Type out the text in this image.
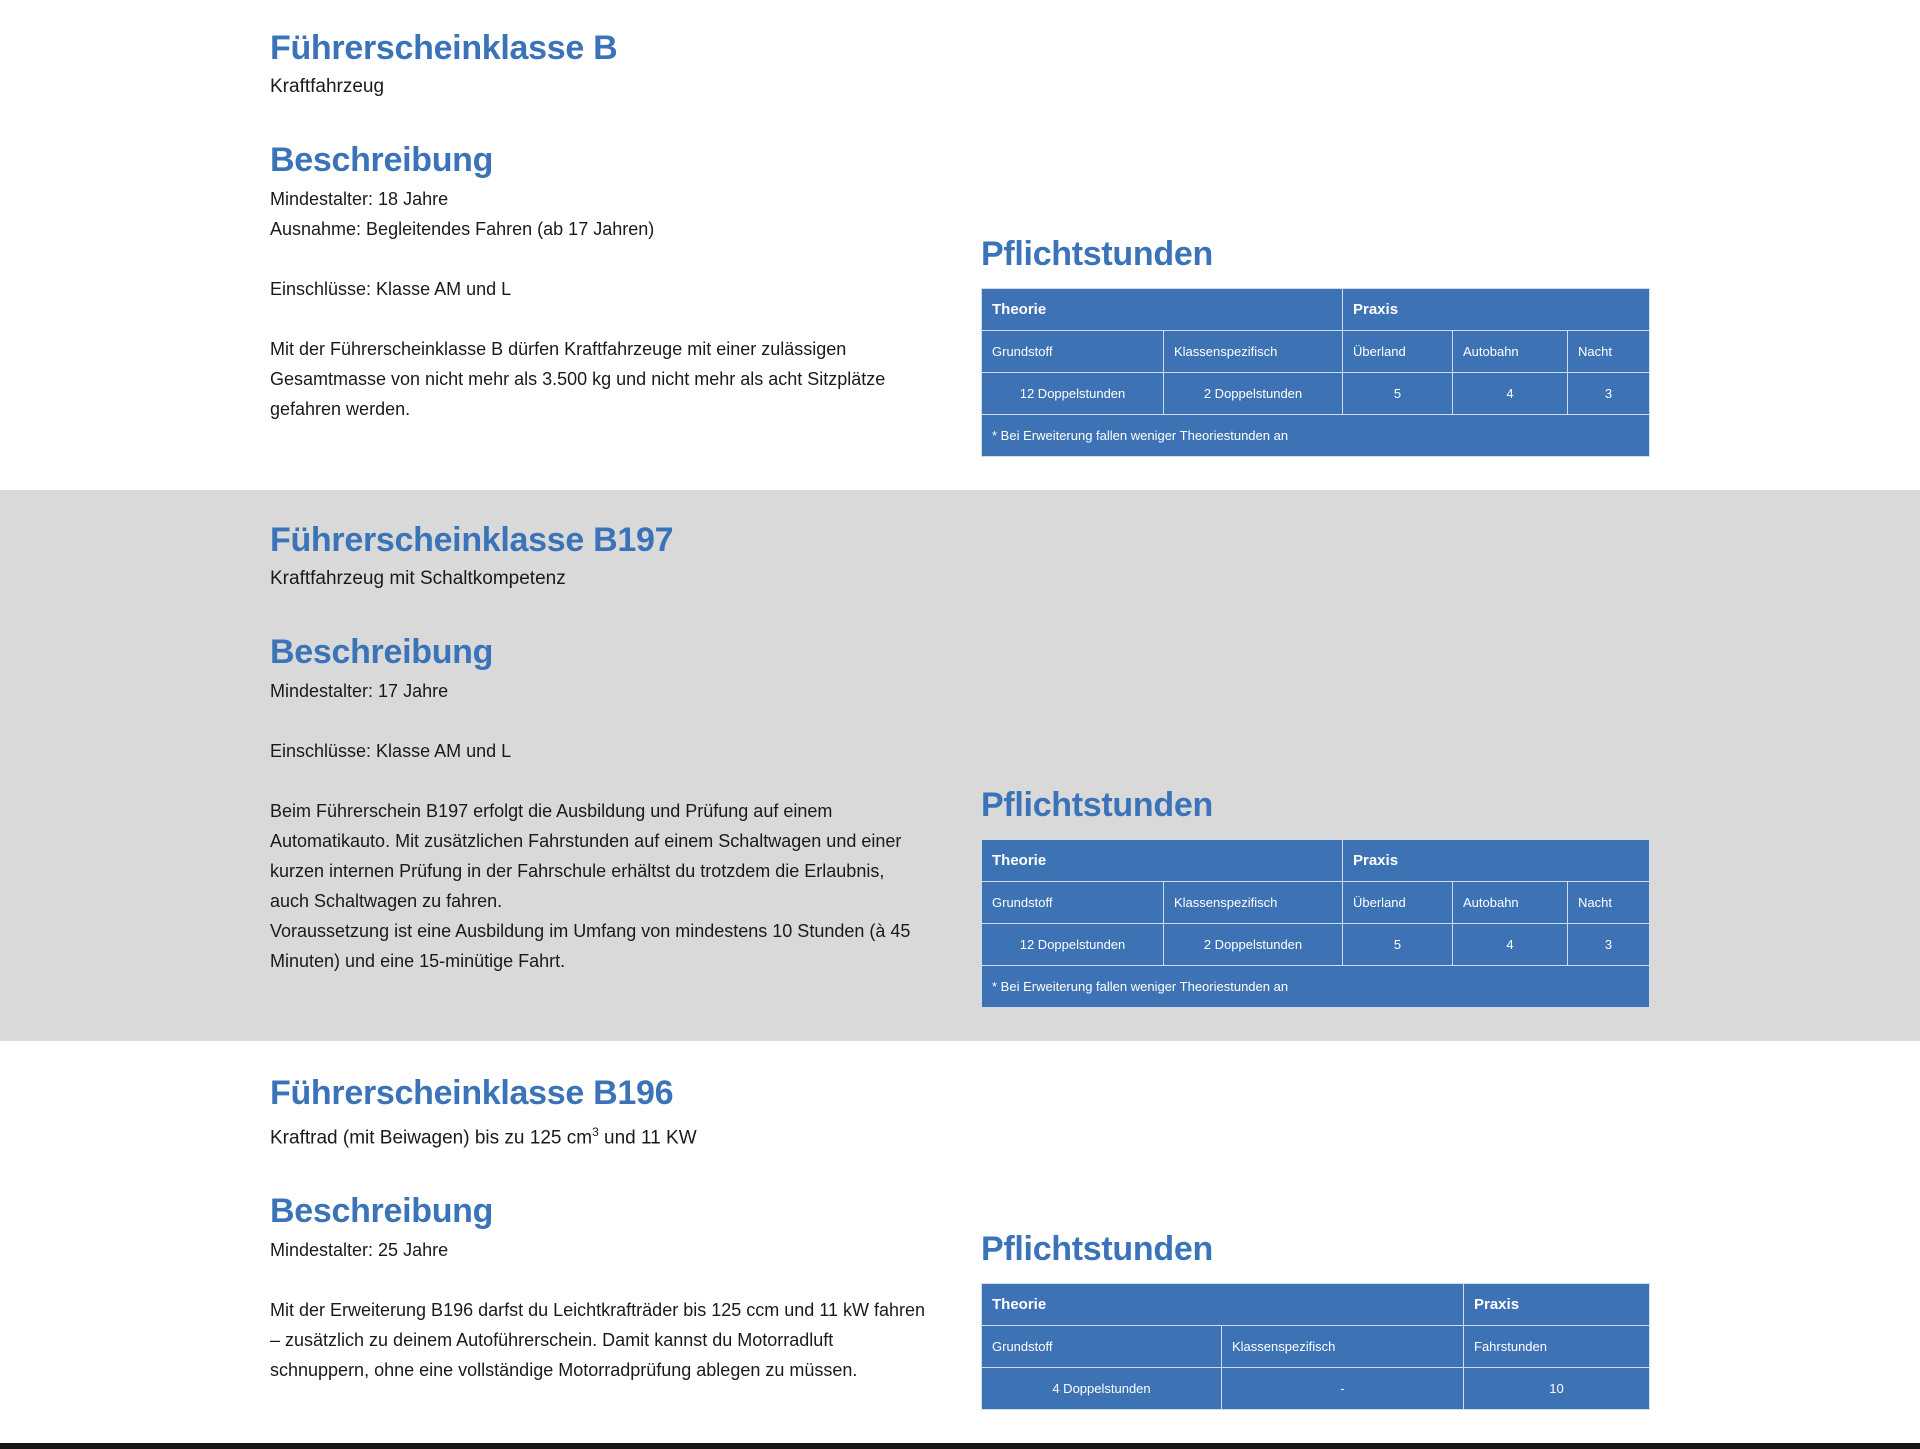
Führerscheinklasse B

Kraftfahrzeug

Beschreibung

Mindestalter: 18 Jahre

Ausnahme: Begleitendes Fahren (ab 17 Jahren)

Einschlüsse: Klasse AM und L

Mit der Führerscheinklasse B dürfen Kraftfahrzeuge mit einer zulässigen

Gesamtmasse von nicht mehr als 3.500 kg und nicht mehr als acht Sitzplätze

gefahren werden.

Pflichtstunden
Theorie		Praxis		
Grundstoff	Klassenspezifisch	Überland	Autobahn	Nacht
12 Doppelstunden	2 Doppelstunden	5	4	3
* Bei Erweiterung fallen weniger Theoriestunden an				
Führerscheinklasse B197

Kraftfahrzeug mit Schaltkompetenz

Beschreibung

Mindestalter: 17 Jahre

Einschlüsse: Klasse AM und L

Beim Führerschein B197 erfolgt die Ausbildung und Prüfung auf einem

Automatikauto. Mit zusätzlichen Fahrstunden auf einem Schaltwagen und einer

kurzen internen Prüfung in der Fahrschule erhältst du trotzdem die Erlaubnis,

auch Schaltwagen zu fahren.

Voraussetzung ist eine Ausbildung im Umfang von mindestens 10 Stunden (à 45

Minuten) und eine 15-minütige Fahrt.

Pflichtstunden
Theorie		Praxis		
Grundstoff	Klassenspezifisch	Überland	Autobahn	Nacht
12 Doppelstunden	2 Doppelstunden	5	4	3
* Bei Erweiterung fallen weniger Theoriestunden an				
Führerscheinklasse B196

Kraftrad (mit Beiwagen) bis zu 125 $cm^3$ und 11 KW

Beschreibung

Mindestalter: 25 Jahre

Mit der Erweiterung B196 darfst du Leichtkrafträder bis 125 ccm und 11 kW fahren

– zusätzlich zu deinem Autoführerschein. Damit kannst du Motorradluft

schnuppern, ohne eine vollständige Motorradprüfung ablegen zu müssen.

Pflichtstunden
Theorie		Praxis
Grundstoff	Klassenspezifisch	Fahrstunden
4 Doppelstunden	-	10
